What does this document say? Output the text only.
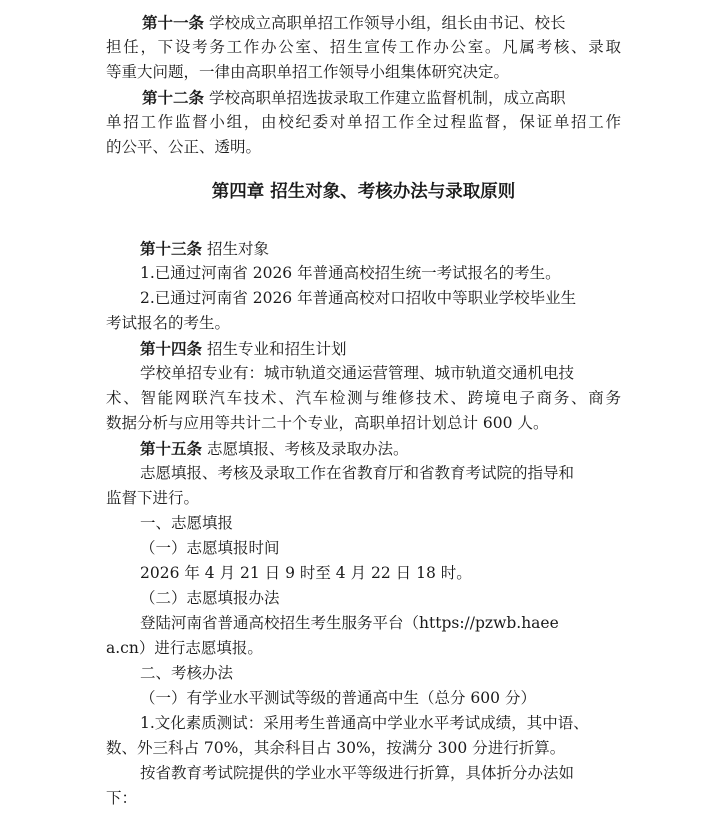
第十一条 学校成立高职单招工作领导小组，组长由书记、校长
担任，下设考务工作办公室、招生宣传工作办公室。凡属考核、录取
等重大问题，一律由高职单招工作领导小组集体研究决定。
第十二条 学校高职单招选拔录取工作建立监督机制，成立高职
单招工作监督小组，由校纪委对单招工作全过程监督，保证单招工作
的公平、公正、透明。
第四章 招生对象、考核办法与录取原则
第十三条 招生对象
1.已通过河南省 2026 年普通高校招生统一考试报名的考生。
2.已通过河南省 2026 年普通高校对口招收中等职业学校毕业生
考试报名的考生。
第十四条 招生专业和招生计划
学校单招专业有：城市轨道交通运营管理、城市轨道交通机电技
术、智能网联汽车技术、汽车检测与维修技术、跨境电子商务、商务
数据分析与应用等共计二十个专业，高职单招计划总计 600 人。
第十五条 志愿填报、考核及录取办法。
志愿填报、考核及录取工作在省教育厅和省教育考试院的指导和
监督下进行。
一、志愿填报
（一）志愿填报时间
2026 年 4 月 21 日 9 时至 4 月 22 日 18 时。
（二）志愿填报办法
登陆河南省普通高校招生考生服务平台（https://pzwb.haee
a.cn）进行志愿填报。
二、考核办法
（一）有学业水平测试等级的普通高中生（总分 600 分）
1.文化素质测试：采用考生普通高中学业水平考试成绩，其中语、
数、外三科占 70%，其余科目占 30%，按满分 300 分进行折算。
按省教育考试院提供的学业水平等级进行折算，具体折分办法如
下：
